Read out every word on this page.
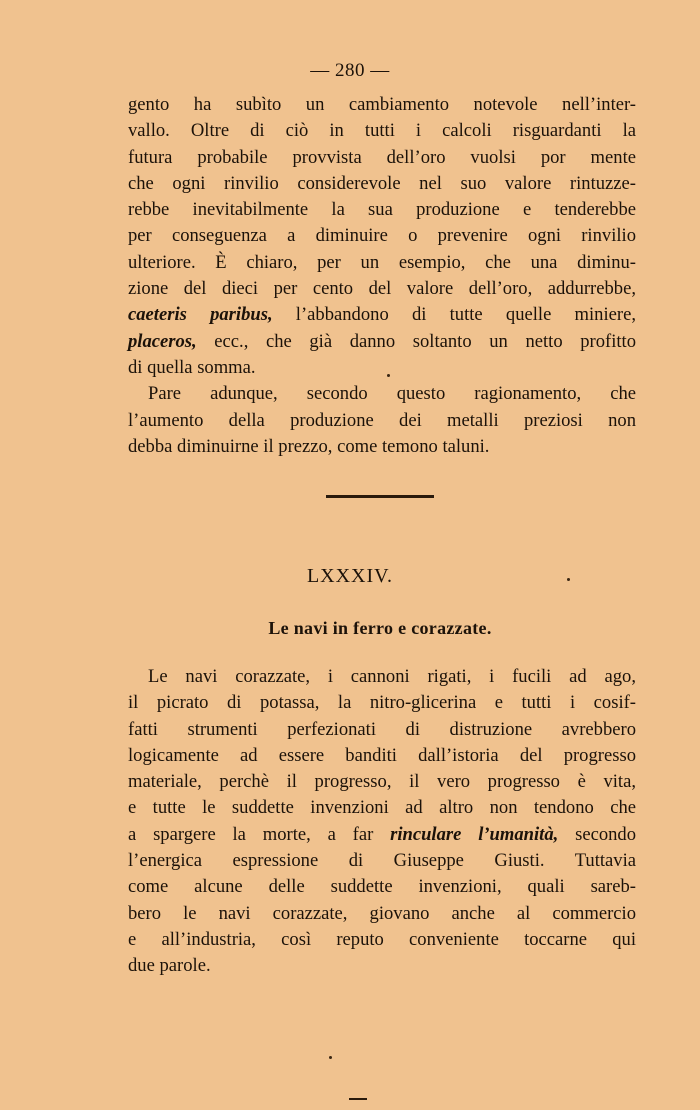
— 280 —

gento ha subìto un cambiamento notevole nell’inter-
vallo. Oltre di ciò in tutti i calcoli risguardanti la
futura probabile provvista dell’oro vuolsi por mente
che ogni rinvilio considerevole nel suo valore rintuzze-
rebbe inevitabilmente la sua produzione e tenderebbe
per conseguenza a diminuire o prevenire ogni rinvilio
ulteriore. È chiaro, per un esempio, che una diminu-
zione del dieci per cento del valore dell’oro, addurrebbe,
caeteris paribus, l’abbandono di tutte quelle miniere,
placeros, ecc., che già danno soltanto un netto profitto
di quella somma.

Pare adunque, secondo questo ragionamento, che
l’aumento della produzione dei metalli preziosi non
debba diminuirne il prezzo, come temono taluni.

LXXXIV.
Le navi in ferro e corazzate.

Le navi corazzate, i cannoni rigati, i fucili ad ago,
il picrato di potassa, la nitro-glicerina e tutti i cosif-
fatti strumenti perfezionati di distruzione avrebbero
logicamente ad essere banditi dall’istoria del progresso
materiale, perchè il progresso, il vero progresso è vita,
e tutte le suddette invenzioni ad altro non tendono che
a spargere la morte, a far rinculare l’umanità, secondo
l’energica espressione di Giuseppe Giusti. Tuttavia
come alcune delle suddette invenzioni, quali sareb-
bero le navi corazzate, giovano anche al commercio
e all’industria, così reputo conveniente toccarne qui
due parole.
